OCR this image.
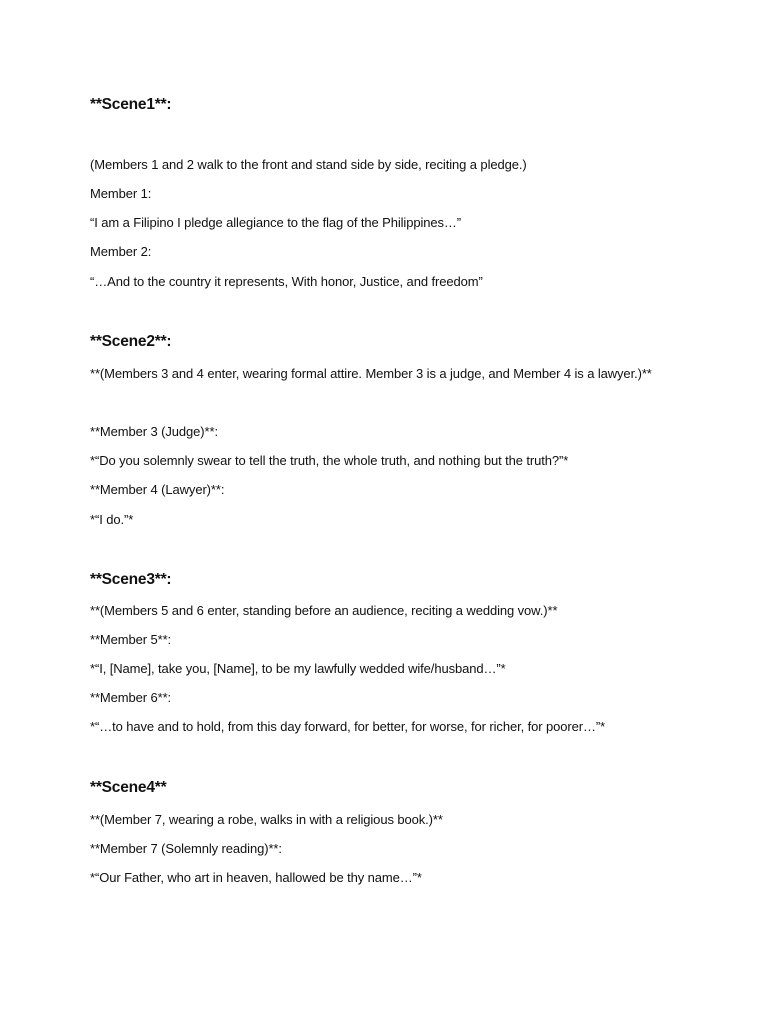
**Scene1**:
(Members 1 and 2 walk to the front and stand side by side, reciting a pledge.)
Member 1:
“I am a Filipino I pledge allegiance to the flag of the Philippines…”
Member 2:
“…And to the country it represents, With honor, Justice, and freedom”
**Scene2**:
**(Members 3 and 4 enter, wearing formal attire. Member 3 is a judge, and Member 4 is a lawyer.)**
**Member 3 (Judge)**:
*“Do you solemnly swear to tell the truth, the whole truth, and nothing but the truth?”*
**Member 4 (Lawyer)**:
*“I do.”*
**Scene3**:
**(Members 5 and 6 enter, standing before an audience, reciting a wedding vow.)**
**Member 5**:
*“I, [Name], take you, [Name], to be my lawfully wedded wife/husband…”*
**Member 6**:
*“…to have and to hold, from this day forward, for better, for worse, for richer, for poorer…”*
**Scene4**
**(Member 7, wearing a robe, walks in with a religious book.)**
**Member 7 (Solemnly reading)**:
*“Our Father, who art in heaven, hallowed be thy name…”*
